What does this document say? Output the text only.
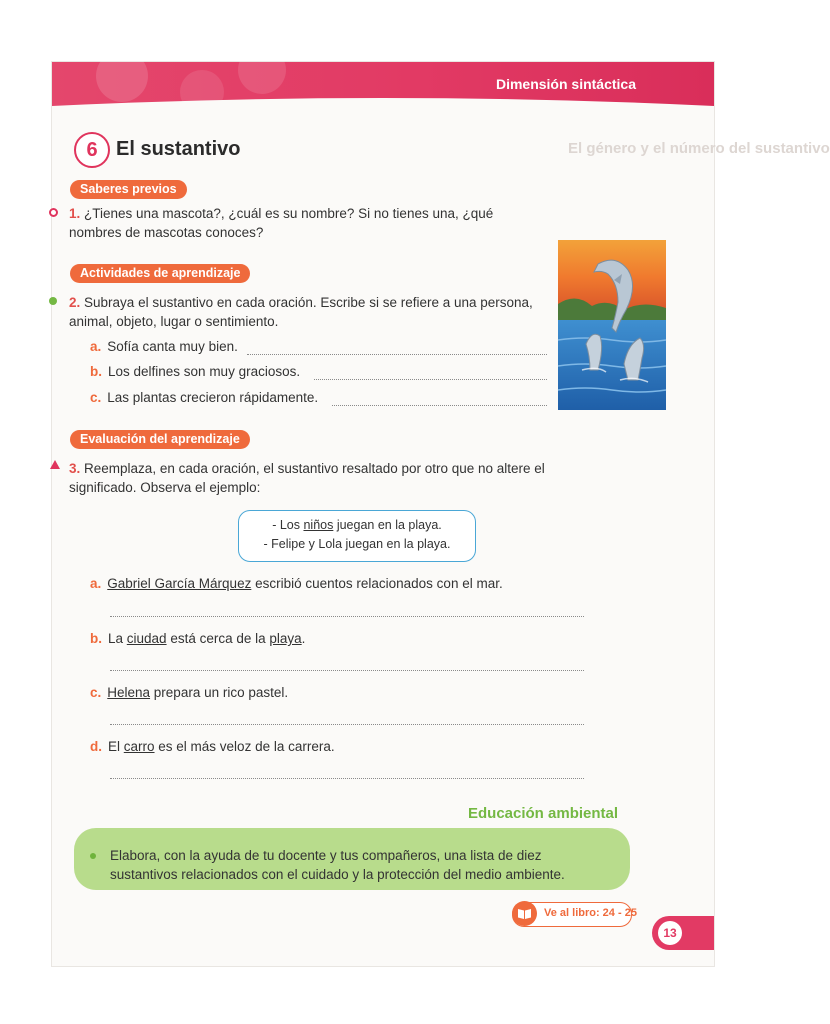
Dimensión sintáctica
El género y el número del sustantivo
6 El sustantivo
Saberes previos
1. ¿Tienes una mascota?, ¿cuál es su nombre? Si no tienes una, ¿qué nombres de mascotas conoces?
Actividades de aprendizaje
2. Subraya el sustantivo en cada oración. Escribe si se refiere a una persona, animal, objeto, lugar o sentimiento.
a. Sofía canta muy bien.
b. Los delfines son muy graciosos.
c. Las plantas crecieron rápidamente.
Evaluación del aprendizaje
3. Reemplaza, en cada oración, el sustantivo resaltado por otro que no altere el significado. Observa el ejemplo:
- Los niños juegan en la playa.
- Felipe y Lola juegan en la playa.
a. Gabriel García Márquez escribió cuentos relacionados con el mar.
b. La ciudad está cerca de la playa.
c. Helena prepara un rico pastel.
d. El carro es el más veloz de la carrera.
Educación ambiental
Elabora, con la ayuda de tu docente y tus compañeros, una lista de diez sustantivos relacionados con el cuidado y la protección del medio ambiente.
Ve al libro: 24 - 25
13
